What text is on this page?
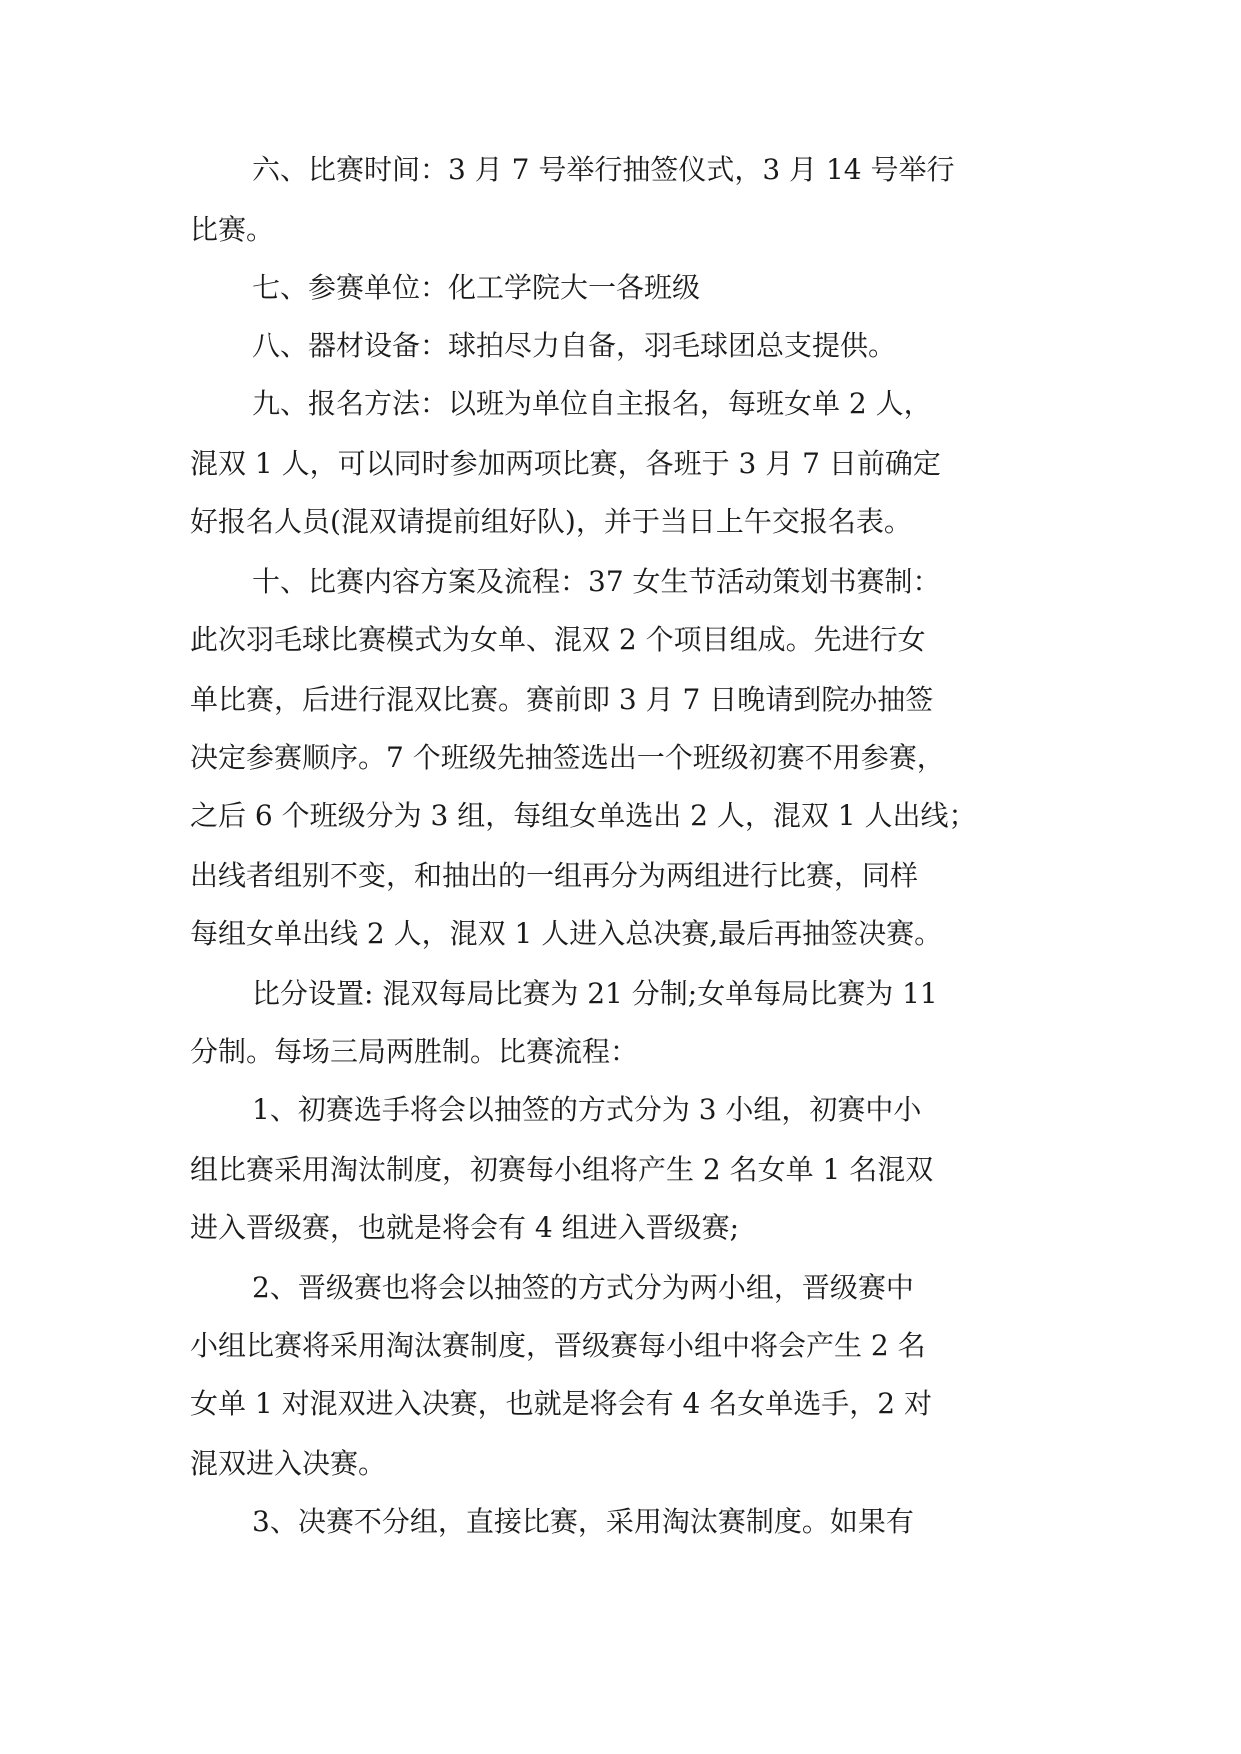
六、比赛时间：3 月 7 号举行抽签仪式，3 月 14 号举行
比赛。
七、参赛单位：化工学院大一各班级
八、器材设备：球拍尽力自备，羽毛球团总支提供。
九、报名方法：以班为单位自主报名，每班女单 2 人，
混双 1 人，可以同时参加两项比赛，各班于 3 月 7 日前确定
好报名人员(混双请提前组好队)，并于当日上午交报名表。
十、比赛内容方案及流程：37 女生节活动策划书赛制：
此次羽毛球比赛模式为女单、混双 2 个项目组成。先进行女
单比赛，后进行混双比赛。赛前即 3 月 7 日晚请到院办抽签
决定参赛顺序。7 个班级先抽签选出一个班级初赛不用参赛，
之后 6 个班级分为 3 组，每组女单选出 2 人，混双 1 人出线；
出线者组别不变，和抽出的一组再分为两组进行比赛，同样
每组女单出线 2 人，混双 1 人进入总决赛,最后再抽签决赛。
比分设置: 混双每局比赛为 21 分制;女单每局比赛为 11
分制。每场三局两胜制。比赛流程：
1、初赛选手将会以抽签的方式分为 3 小组，初赛中小
组比赛采用淘汰制度，初赛每小组将产生 2 名女单 1 名混双
进入晋级赛，也就是将会有 4 组进入晋级赛;
2、晋级赛也将会以抽签的方式分为两小组，晋级赛中
小组比赛将采用淘汰赛制度，晋级赛每小组中将会产生 2 名
女单 1 对混双进入决赛，也就是将会有 4 名女单选手，2 对
混双进入决赛。
3、决赛不分组，直接比赛，采用淘汰赛制度。如果有
